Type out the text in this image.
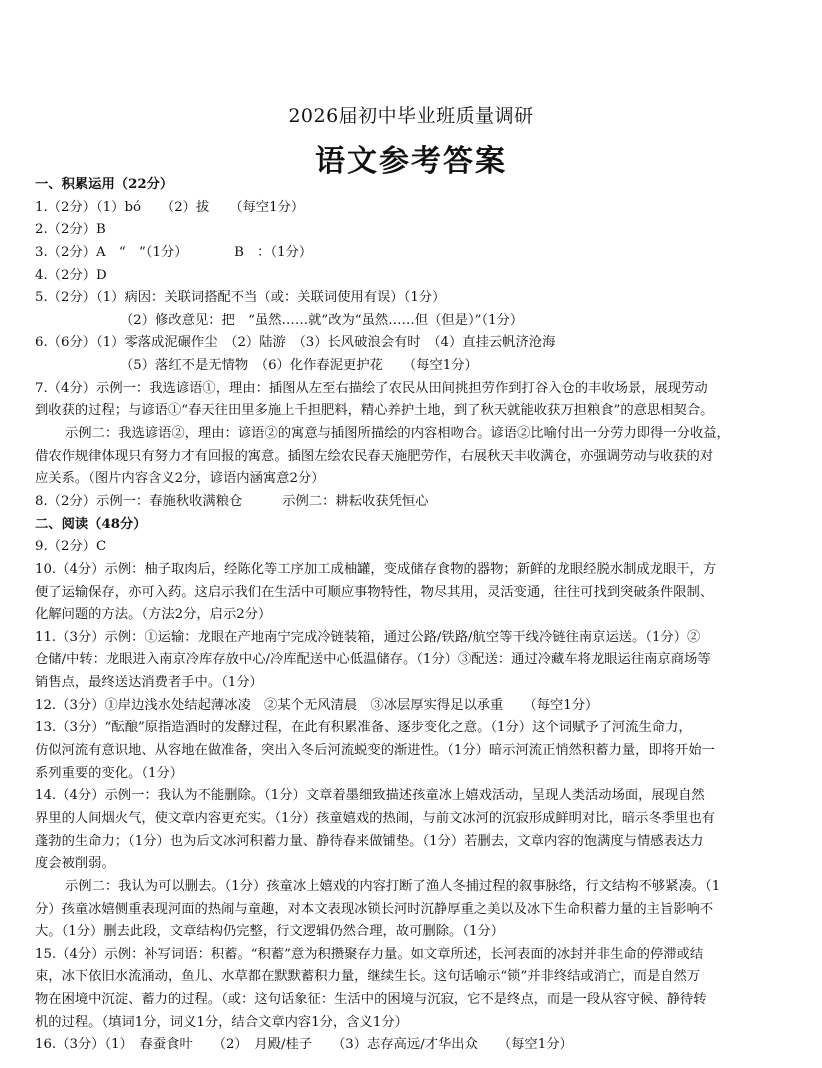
2026届初中毕业班质量调研
语文参考答案
一、积累运用（22分）
1.（2分）（1）bó　　（2）拔　　（每空1分）
2.（2分）B
3.（2分）A　“　”（1分）　　　　B　：（1分）
4.（2分）D
5.（2分）（1）病因：关联词搭配不当（或：关联词使用有误）（1分）
（2）修改意见：把　“虽然……就”改为“虽然……但（但是）”（1分）
6.（6分）（1）零落成泥碾作尘　（2）陆游　（3）长风破浪会有时　（4）直挂云帆济沧海
（5）落红不是无情物　（6）化作春泥更护花　　（每空1分）
7.（4分）示例一：我选谚语①，理由：插图从左至右描绘了农民从田间挑担劳作到打谷入仓的丰收场景，展现劳动
到收获的过程；与谚语①“春天往田里多施上千担肥料，精心养护土地，到了秋天就能收获万担粮食”的意思相契合。
示例二：我选谚语②，理由：谚语②的寓意与插图所描绘的内容相吻合。谚语②比喻付出一分劳力即得一分收益，
借农作规律体现只有努力才有回报的寓意。插图左绘农民春天施肥劳作，右展秋天丰收满仓，亦强调劳动与收获的对
应关系。（图片内容含义2分，谚语内涵寓意2分）
8.（2分）示例一：春施秋收满粮仓　　　示例二：耕耘收获凭恒心
二、阅读（48分）
9.（2分）C
10.（4分）示例：柚子取肉后，经陈化等工序加工成柚罐，变成储存食物的器物；新鲜的龙眼经脱水制成龙眼干，方
便了运输保存，亦可入药。这启示我们在生活中可顺应事物特性，物尽其用，灵活变通，往往可找到突破条件限制、
化解问题的方法。（方法2分，启示2分）
11.（3分）示例：①运输：龙眼在产地南宁完成冷链装箱，通过公路/铁路/航空等干线冷链往南京运送。（1分）②
仓储/中转：龙眼进入南京冷库存放中心/冷库配送中心低温储存。（1分）③配送：通过冷藏车将龙眼运往南京商场等
销售点，最终送达消费者手中。（1分）
12.（3分）①岸边浅水处结起薄冰凌　②某个无风清晨　③冰层厚实得足以承重　　（每空1分）
13.（3分）“酝酿”原指造酒时的发酵过程，在此有积累准备、逐步变化之意。（1分）这个词赋予了河流生命力，
仿似河流有意识地、从容地在做准备，突出入冬后河流蜕变的渐进性。（1分）暗示河流正悄然积蓄力量，即将开始一
系列重要的变化。（1分）
14.（4分）示例一：我认为不能删除。（1分）文章着墨细致描述孩童冰上嬉戏活动，呈现人类活动场面，展现自然
界里的人间烟火气，使文章内容更充实。（1分）孩童嬉戏的热闹，与前文冰河的沉寂形成鲜明对比，暗示冬季里也有
蓬勃的生命力；（1分）也为后文冰河积蓄力量、静待春来做铺垫。（1分）若删去，文章内容的饱满度与情感表达力
度会被削弱。
示例二：我认为可以删去。（1分）孩童冰上嬉戏的内容打断了渔人冬捕过程的叙事脉络，行文结构不够紧凑。（1
分）孩童冰嬉侧重表现河面的热闹与童趣，对本文表现冰锁长河时沉静厚重之美以及冰下生命积蓄力量的主旨影响不
大。（1分）删去此段，文章结构仍完整，行文逻辑仍然合理，故可删除。（1分）
15.（4分）示例：补写词语：积蓄。“积蓄”意为积攒聚存力量。如文章所述，长河表面的冰封并非生命的停滞或结
束，冰下依旧水流涌动，鱼儿、水草都在默默蓄积力量，继续生长。这句话喻示“锁”并非终结或消亡，而是自然万
物在困境中沉淀、蓄力的过程。（或：这句话象征：生活中的困境与沉寂，它不是终点，而是一段从容守候、静待转
机的过程。（填词1分，词义1分，结合文章内容1分，含义1分）
16.（3分）（1）　春蚕食叶　　（2）　月殿/桂子　　（3）志存高远/才华出众　　（每空1分）
